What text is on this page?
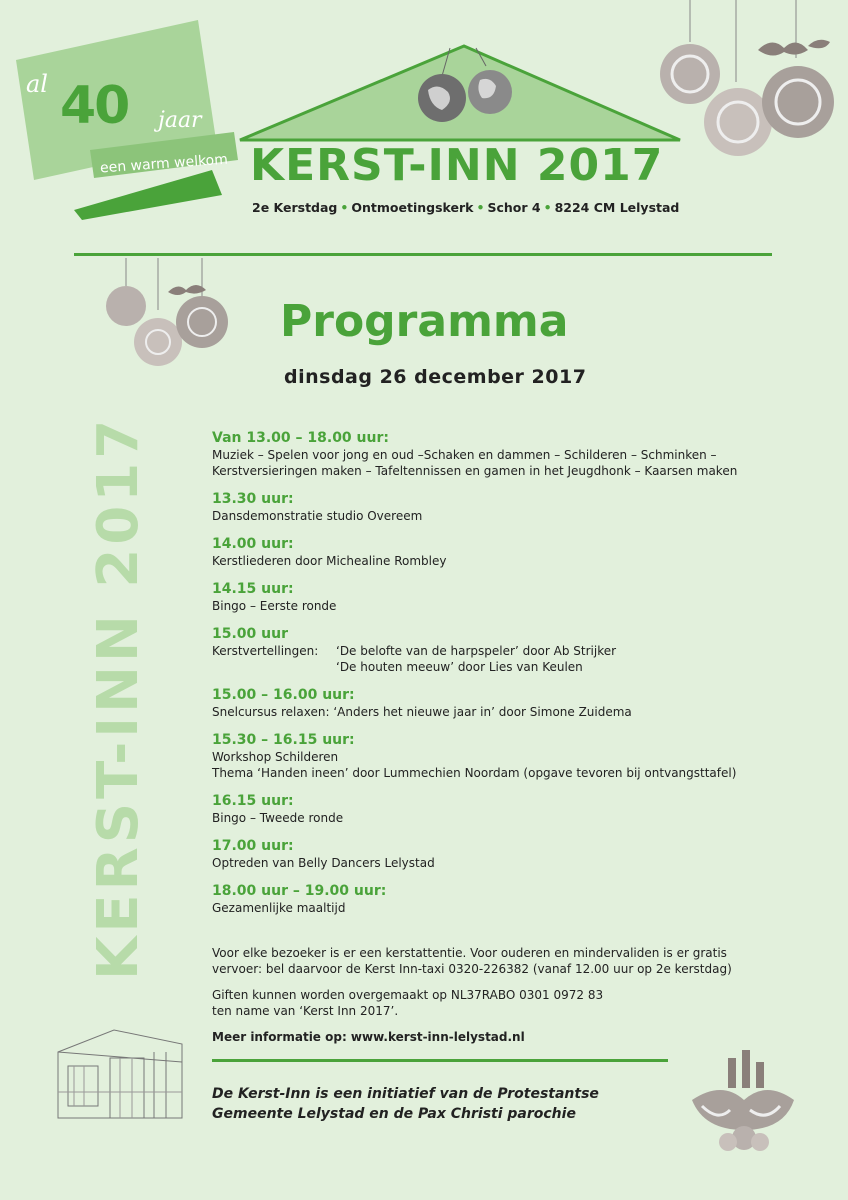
al 40 jaar
een warm welkom KERST-INN 2017
2e Kerstdag • Ontmoetingskerk • Schor 4 • 8224 CM Lelystad
Programma
dinsdag 26 december 2017
KERST-INN 2017	Van 13.00 – 18.00 uur:
Muziek – Spelen voor jong en oud –Schaken en dammen – Schilderen – Schminken –
Kerstversieringen maken – Tafeltennissen en gamen in het Jeugdhonk – Kaarsen maken
13.30 uur:
Dansdemonstratie studio Overeem
14.00 uur:
Kerstliederen door Michealine Rombley
14.15 uur:
Bingo – Eerste ronde
15.00 uur
Kerstvertellingen:	‘De belofte van de harpspeler’ door Ab Strijker
‘De houten meeuw’ door Lies van Keulen
15.00 – 16.00 uur:
Snelcursus relaxen: ‘Anders het nieuwe jaar in’ door Simone Zuidema
15.30 – 16.15 uur:
Workshop Schilderen
Thema ‘Handen ineen’ door Lummechien Noordam (opgave tevoren bij ontvangsttafel)
16.15 uur:
Bingo – Tweede ronde
17.00 uur:
Optreden van Belly Dancers Lelystad
18.00 uur – 19.00 uur:
Gezamenlijke maaltijd

Voor elke bezoeker is er een kerstattentie. Voor ouderen en mindervaliden is er gratis
vervoer: bel daarvoor de Kerst Inn-taxi 0320-226382 (vanaf 12.00 uur op 2e kerstdag)

Giften kunnen worden overgemaakt op NL37RABO 0301 0972 83
ten name van ‘Kerst Inn 2017’.

Meer informatie op: www.kerst-inn-lelystad.nl

De Kerst-Inn is een initiatief van de Protestantse
Gemeente Lelystad en de Pax Christi parochie
